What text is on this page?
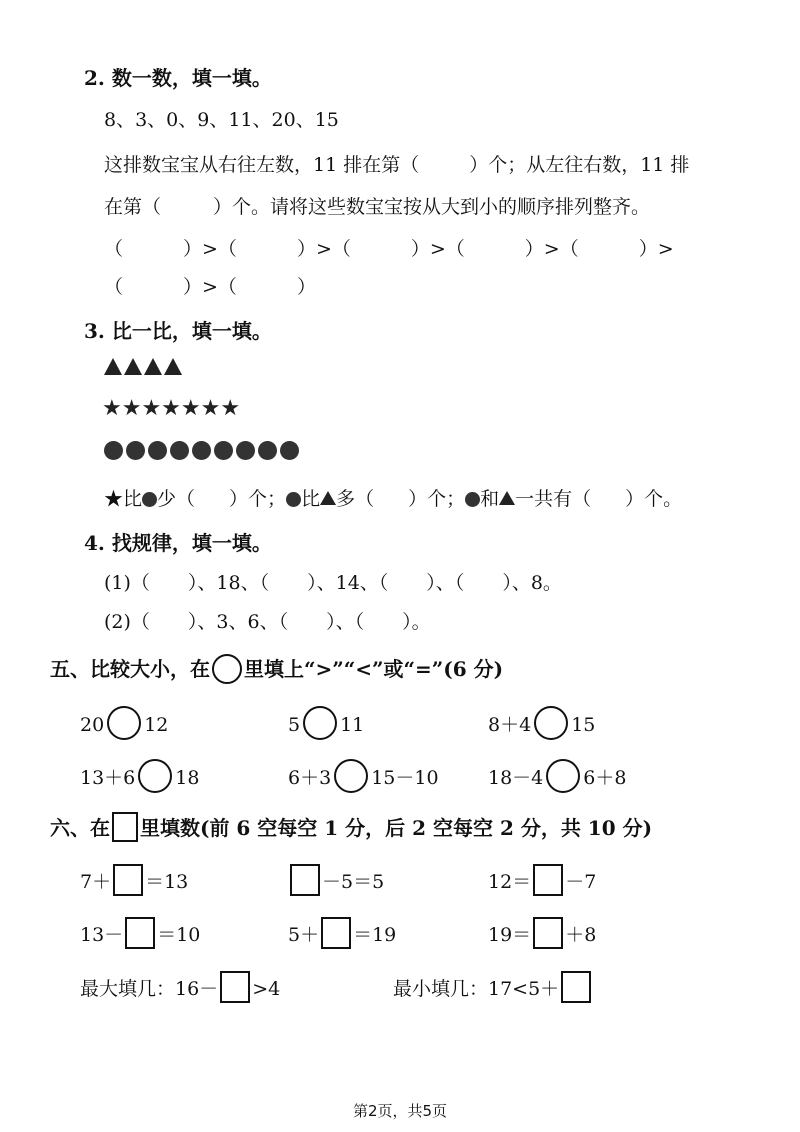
2. 数一数，填一填。
8、3、0、9、11、20、15
这排数宝宝从右往左数，11 排在第（	）个；从左往右数，11 排
在第（	）个。请将这些数宝宝按从大到小的顺序排列整齐。
（	）>（	）>（	）>（	）>（	）>
（	）>（	）
3. 比一比，填一填。
★★★★★★★
★比 少（ ）个； 比 多（ ）个； 和 一共有（ ）个。
4. 找规律，填一填。
(1)（ ）、18、（ ）、14、（ ）、（ ）、8。
(2)（ ）、3、6、（ ）、（ ）。
五、比较大小，在 里填上“>”“<”或“=”(6 分)
20 12	5 11	8＋4 15
13＋6 18	6＋3 15－10	18－4 6＋8
六、在 里填数(前 6 空每空 1 分，后 2 空每空 2 分，共 10 分)
7＋ ＝13	－5＝5	12＝ －7
13－ ＝10	5＋ ＝19	19＝ ＋8
最大填几：16－ >4	最小填几：17<5＋
第2页，共5页
